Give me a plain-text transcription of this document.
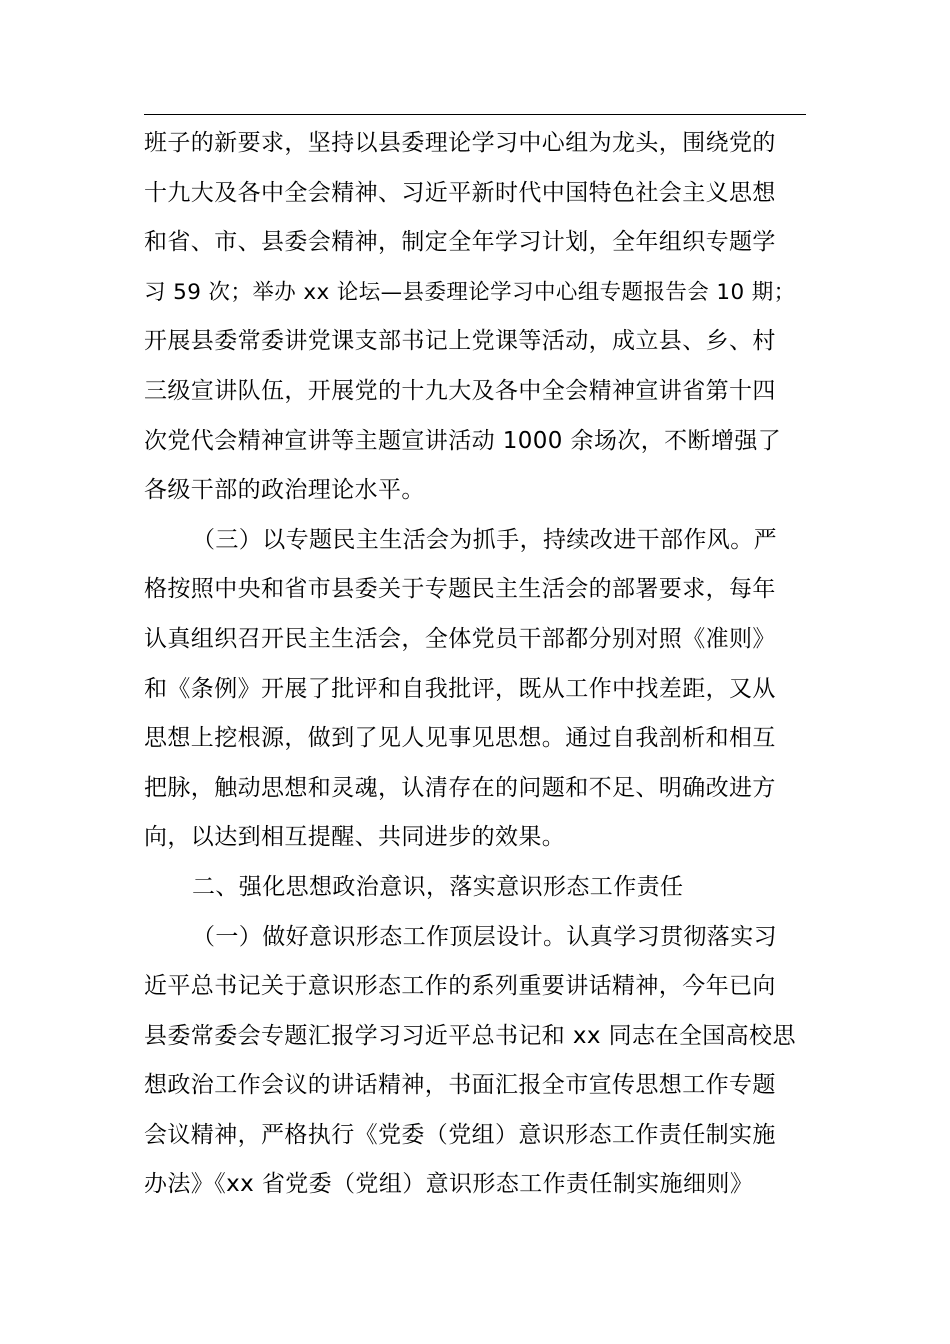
班子的新要求，坚持以县委理论学习中心组为龙头，围绕党的
十九大及各中全会精神、习近平新时代中国特色社会主义思想
和省、市、县委会精神，制定全年学习计划，全年组织专题学
习 59 次；举办 xx 论坛—县委理论学习中心组专题报告会 10 期；
开展县委常委讲党课支部书记上党课等活动，成立县、乡、村
三级宣讲队伍，开展党的十九大及各中全会精神宣讲省第十四
次党代会精神宣讲等主题宣讲活动 1000 余场次，不断增强了
各级干部的政治理论水平。
（三）以专题民主生活会为抓手，持续改进干部作风。严
格按照中央和省市县委关于专题民主生活会的部署要求，每年
认真组织召开民主生活会，全体党员干部都分别对照《准则》
和《条例》开展了批评和自我批评，既从工作中找差距，又从
思想上挖根源，做到了见人见事见思想。通过自我剖析和相互
把脉，触动思想和灵魂，认清存在的问题和不足、明确改进方
向，以达到相互提醒、共同进步的效果。
二、强化思想政治意识，落实意识形态工作责任
（一）做好意识形态工作顶层设计。认真学习贯彻落实习
近平总书记关于意识形态工作的系列重要讲话精神，今年已向
县委常委会专题汇报学习习近平总书记和 xx 同志在全国高校思
想政治工作会议的讲话精神，书面汇报全市宣传思想工作专题
会议精神，严格执行《党委（党组）意识形态工作责任制实施
办法》《xx 省党委（党组）意识形态工作责任制实施细则》
